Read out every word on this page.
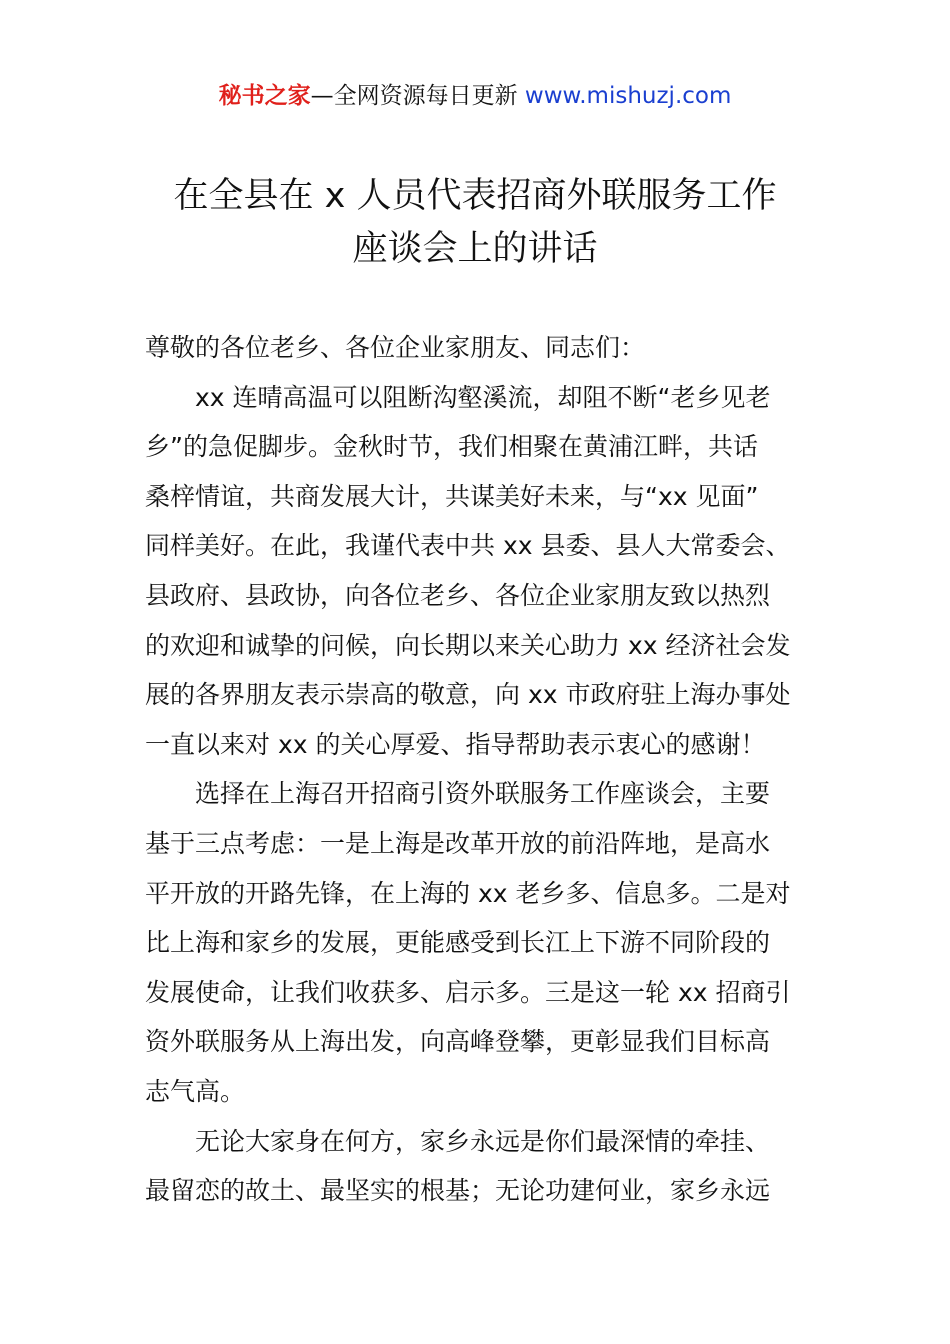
秘书之家—全网资源每日更新 www.mishuzj.com
在全县在 x 人员代表招商外联服务工作
座谈会上的讲话
尊敬的各位老乡、各位企业家朋友、同志们：
xx 连晴高温可以阻断沟壑溪流，却阻不断“老乡见老
乡”的急促脚步。金秋时节，我们相聚在黄浦江畔，共话
桑梓情谊，共商发展大计，共谋美好未来，与“xx 见面”
同样美好。在此，我谨代表中共 xx 县委、县人大常委会、
县政府、县政协，向各位老乡、各位企业家朋友致以热烈
的欢迎和诚挚的问候，向长期以来关心助力 xx 经济社会发
展的各界朋友表示崇高的敬意，向 xx 市政府驻上海办事处
一直以来对 xx 的关心厚爱、指导帮助表示衷心的感谢！
选择在上海召开招商引资外联服务工作座谈会，主要
基于三点考虑：一是上海是改革开放的前沿阵地，是高水
平开放的开路先锋，在上海的 xx 老乡多、信息多。二是对
比上海和家乡的发展，更能感受到长江上下游不同阶段的
发展使命，让我们收获多、启示多。三是这一轮 xx 招商引
资外联服务从上海出发，向高峰登攀，更彰显我们目标高
志气高。
无论大家身在何方，家乡永远是你们最深情的牵挂、
最留恋的故土、最坚实的根基；无论功建何业，家乡永远
